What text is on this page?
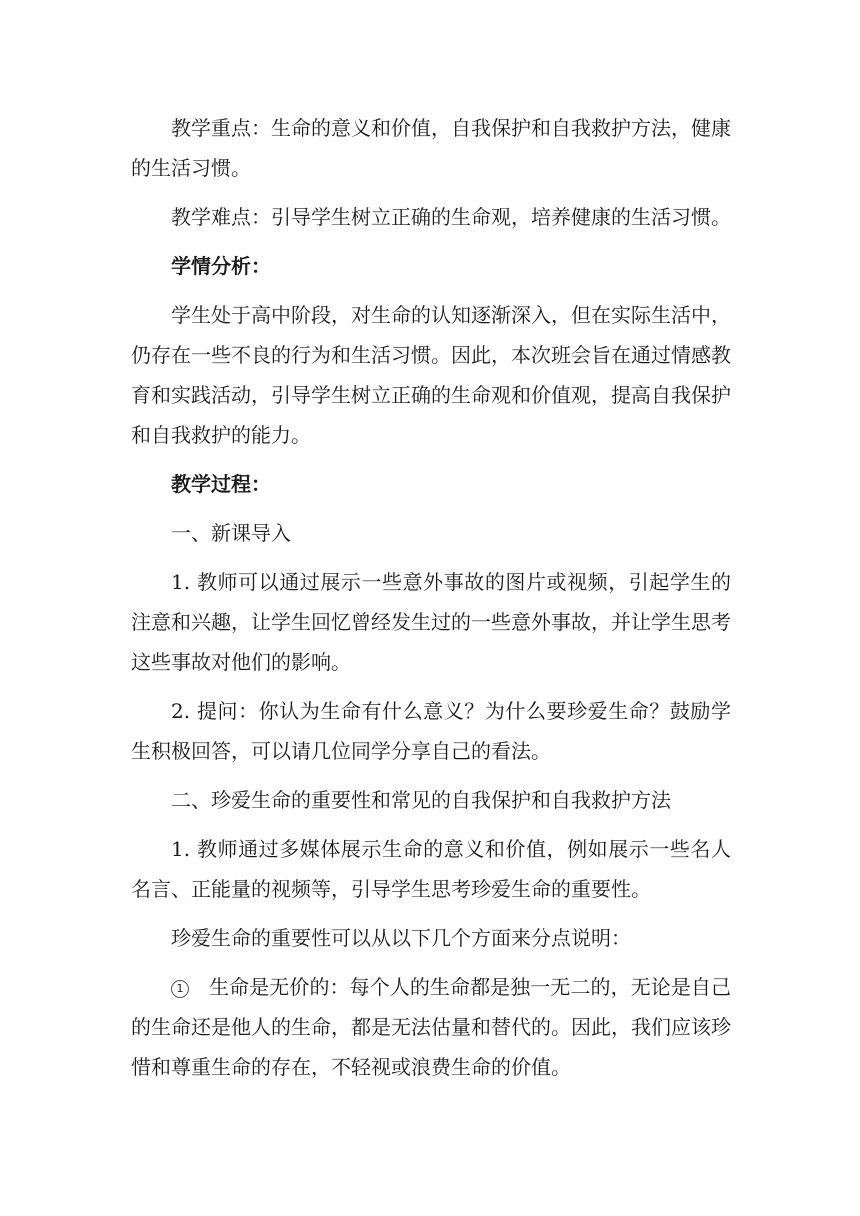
教学重点：生命的意义和价值，自我保护和自我救护方法，健康的生活习惯。

教学难点：引导学生树立正确的生命观，培养健康的生活习惯。

学情分析：

学生处于高中阶段，对生命的认知逐渐深入，但在实际生活中，仍存在一些不良的行为和生活习惯。因此，本次班会旨在通过情感教育和实践活动，引导学生树立正确的生命观和价值观，提高自我保护和自我救护的能力。

教学过程：

一、新课导入

1. 教师可以通过展示一些意外事故的图片或视频，引起学生的注意和兴趣，让学生回忆曾经发生过的一些意外事故，并让学生思考这些事故对他们的影响。

2. 提问：你认为生命有什么意义？为什么要珍爱生命？鼓励学生积极回答，可以请几位同学分享自己的看法。

二、珍爱生命的重要性和常见的自我保护和自我救护方法

1. 教师通过多媒体展示生命的意义和价值，例如展示一些名人名言、正能量的视频等，引导学生思考珍爱生命的重要性。

珍爱生命的重要性可以从以下几个方面来分点说明：

1 生命是无价的：每个人的生命都是独一无二的，无论是自己的生命还是他人的生命，都是无法估量和替代的。因此，我们应该珍惜和尊重生命的存在，不轻视或浪费生命的价值。
